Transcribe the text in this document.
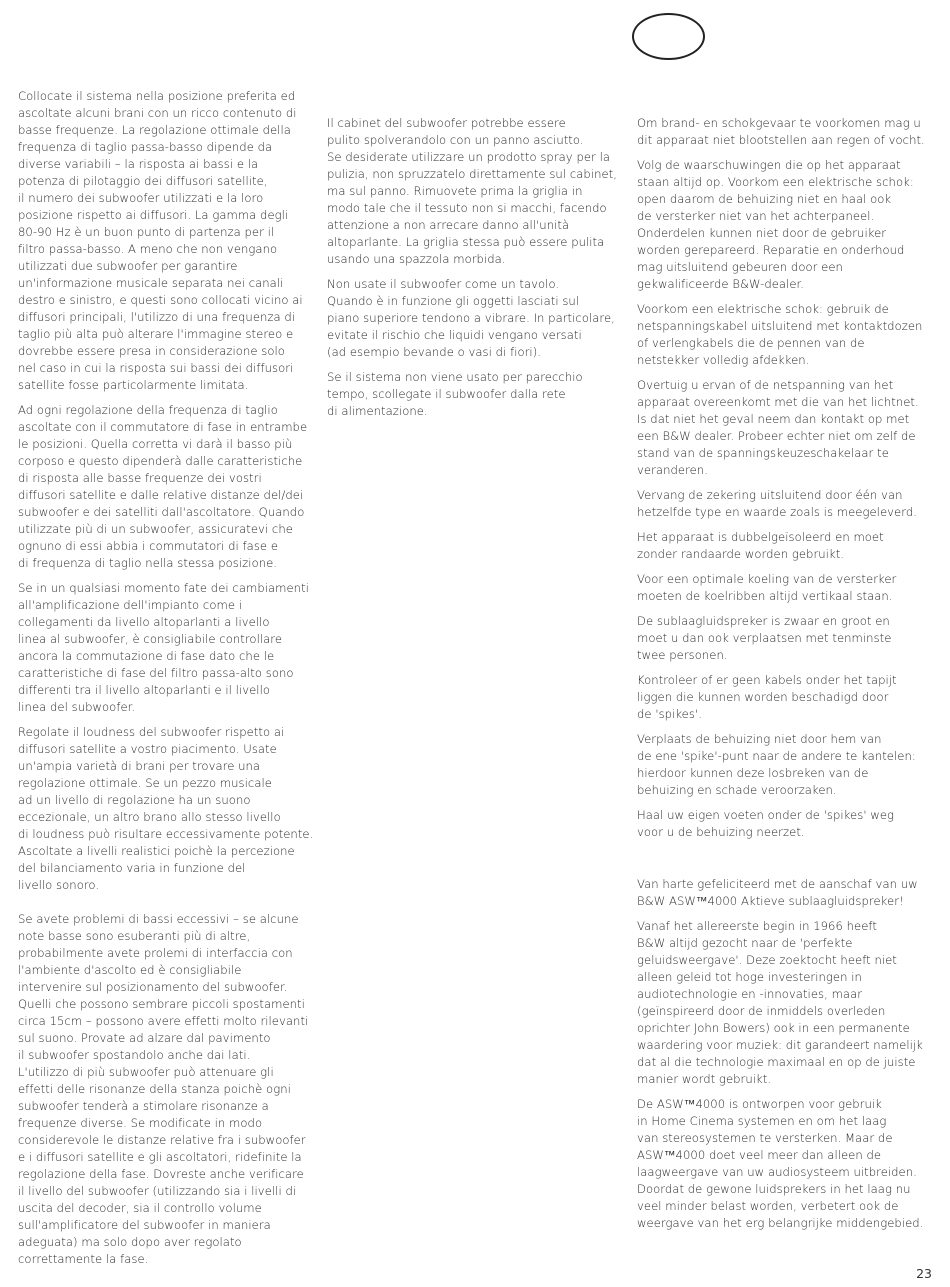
Collocate il sistema nella posizione preferita ed
ascoltate alcuni brani con un ricco contenuto di
basse frequenze. La regolazione ottimale della
frequenza di taglio passa-basso dipende da
diverse variabili – la risposta ai bassi e la
potenza di pilotaggio dei diffusori satellite,
il numero dei subwoofer utilizzati e la loro
posizione rispetto ai diffusori. La gamma degli
80-90 Hz è un buon punto di partenza per il
filtro passa-basso. A meno che non vengano
utilizzati due subwoofer per garantire
un'informazione musicale separata nei canali
destro e sinistro, e questi sono collocati vicino ai
diffusori principali, l'utilizzo di una frequenza di
taglio più alta può alterare l'immagine stereo e
dovrebbe essere presa in considerazione solo
nel caso in cui la risposta sui bassi dei diffusori
satellite fosse particolarmente limitata.

Ad ogni regolazione della frequenza di taglio
ascoltate con il commutatore di fase in entrambe
le posizioni. Quella corretta vi darà il basso più
corposo e questo dipenderà dalle caratteristiche
di risposta alle basse frequenze dei vostri
diffusori satellite e dalle relative distanze del/dei
subwoofer e dei satelliti dall'ascoltatore. Quando
utilizzate più di un subwoofer, assicuratevi che
ognuno di essi abbia i commutatori di fase e
di frequenza di taglio nella stessa posizione.

Se in un qualsiasi momento fate dei cambiamenti
all'amplificazione dell'impianto come i
collegamenti da livello altoparlanti a livello
linea al subwoofer, è consigliabile controllare
ancora la commutazione di fase dato che le
caratteristiche di fase del filtro passa-alto sono
differenti tra il livello altoparlanti e il livello
linea del subwoofer.

Regolate il loudness del subwoofer rispetto ai
diffusori satellite a vostro piacimento. Usate
un'ampia varietà di brani per trovare una
regolazione ottimale. Se un pezzo musicale
ad un livello di regolazione ha un suono
eccezionale, un altro brano allo stesso livello
di loudness può risultare eccessivamente potente.
Ascoltate a livelli realistici poichè la percezione
del bilanciamento varia in funzione del
livello sonoro.

Se avete problemi di bassi eccessivi – se alcune
note basse sono esuberanti più di altre,
probabilmente avete prolemi di interfaccia con
l'ambiente d'ascolto ed è consigliabile
intervenire sul posizionamento del subwoofer.
Quelli che possono sembrare piccoli spostamenti
circa 15cm – possono avere effetti molto rilevanti
sul suono. Provate ad alzare dal pavimento
il subwoofer spostandolo anche dai lati.
L'utilizzo di più subwoofer può attenuare gli
effetti delle risonanze della stanza poichè ogni
subwoofer tenderà a stimolare risonanze a
frequenze diverse. Se modificate in modo
considerevole le distanze relative fra i subwoofer
e i diffusori satellite e gli ascoltatori, ridefinite la
regolazione della fase. Dovreste anche verificare
il livello del subwoofer (utilizzando sia i livelli di
uscita del decoder, sia il controllo volume
sull'amplificatore del subwoofer in maniera
adeguata) ma solo dopo aver regolato
correttamente la fase.

Il cabinet del subwoofer potrebbe essere
pulito spolverandolo con un panno asciutto.
Se desiderate utilizzare un prodotto spray per la
pulizia, non spruzzatelo direttamente sul cabinet,
ma sul panno. Rimuovete prima la griglia in
modo tale che il tessuto non si macchi, facendo
attenzione a non arrecare danno all'unità
altoparlante. La griglia stessa può essere pulita
usando una spazzola morbida.

Non usate il subwoofer come un tavolo.
Quando è in funzione gli oggetti lasciati sul
piano superiore tendono a vibrare. In particolare,
evitate il rischio che liquidi vengano versati
(ad esempio bevande o vasi di fiori).

Se il sistema non viene usato per parecchio
tempo, scollegate il subwoofer dalla rete
di alimentazione.

Om brand- en schokgevaar te voorkomen mag u
dit apparaat niet blootstellen aan regen of vocht.

Volg de waarschuwingen die op het apparaat
staan altijd op. Voorkom een elektrische schok:
open daarom de behuizing niet en haal ook
de versterker niet van het achterpaneel.
Onderdelen kunnen niet door de gebruiker
worden gerepareerd. Reparatie en onderhoud
mag uitsluitend gebeuren door een
gekwalificeerde B&W-dealer.

Voorkom een elektrische schok: gebruik de
netspanningskabel uitsluitend met kontaktdozen
of verlengkabels die de pennen van de
netstekker volledig afdekken.

Overtuig u ervan of de netspanning van het
apparaat overeenkomt met die van het lichtnet.
Is dat niet het geval neem dan kontakt op met
een B&W dealer. Probeer echter niet om zelf de
stand van de spanningskeuzeschakelaar te
veranderen.

Vervang de zekering uitsluitend door één van
hetzelfde type en waarde zoals is meegeleverd.

Het apparaat is dubbelgeïsoleerd en moet
zonder randaarde worden gebruikt.

Voor een optimale koeling van de versterker
moeten de koelribben altijd vertikaal staan.

De sublaagluidspreker is zwaar en groot en
moet u dan ook verplaatsen met tenminste
twee personen.

Kontroleer of er geen kabels onder het tapijt
liggen die kunnen worden beschadigd door
de 'spikes'.

Verplaats de behuizing niet door hem van
de ene 'spike'-punt naar de andere te kantelen:
hierdoor kunnen deze losbreken van de
behuizing en schade veroorzaken.

Haal uw eigen voeten onder de 'spikes' weg
voor u de behuizing neerzet.

Van harte gefeliciteerd met de aanschaf van uw
B&W ASW™4000 Aktieve sublaagluidspreker!

Vanaf het allereerste begin in 1966 heeft
B&W altijd gezocht naar de 'perfekte
geluidsweergave'. Deze zoektocht heeft niet
alleen geleid tot hoge investeringen in
audiotechnologie en -innovaties, maar
(geïnspireerd door de inmiddels overleden
oprichter John Bowers) ook in een permanente
waardering voor muziek: dit garandeert namelijk
dat al die technologie maximaal en op de juiste
manier wordt gebruikt.

De ASW™4000 is ontworpen voor gebruik
in Home Cinema systemen en om het laag
van stereosystemen te versterken. Maar de
ASW™4000 doet veel meer dan alleen de
laagweergave van uw audiosysteem uitbreiden.
Doordat de gewone luidsprekers in het laag nu
veel minder belast worden, verbetert ook de
weergave van het erg belangrijke middengebied.

23
